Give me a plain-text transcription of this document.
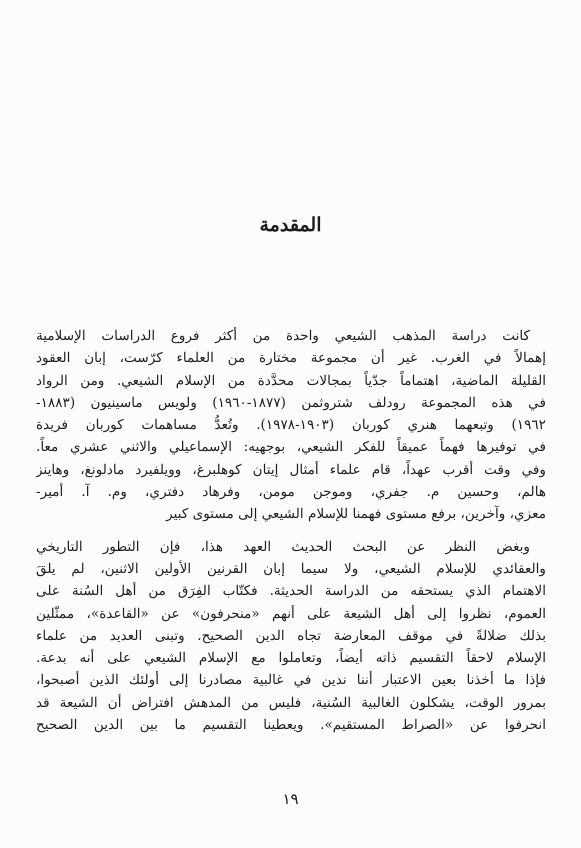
المقدمة
كانت دراسة المذهب الشيعي واحدة من أكثر فروع الدراسات الإسلامية
إهمالاً في الغرب. غير أن مجموعة مختارة من العلماء كرّست، إبان العقود
القليلة الماضية، اهتماماً جدّياً بمجالات محدَّدة من الإسلام الشيعي. ومن الرواد
في هذه المجموعة رودلف شتروثمن (١٨٧٧-١٩٦٠) ولويس ماسينيون (١٨٨٣-
١٩٦٢) وتبعهما هنري كوربان (١٩٠٣-١٩٧٨). وتُعدُّ مساهمات كوربان فريدة
في توفيرها فهماً عميقاً للفكر الشيعي، بوجهيه: الإسماعيلي والاثني عشري معاً.
وفي وقت أقرب عهداً، قام علماء أمثال إيتان كوهلبرغ، وويلفيرد مادلونغ، وهاينز
هالم، وحسين م. جفري، وموجن مومن، وفرهاد دفتري، وم. آ. أمير-
معزي، وآخرين، برفع مستوى فهمنا للإسلام الشيعي إلى مستوى كبير
وبغض النظر عن البحث الحديث العهد هذا، فإن التطور التاريخي
والعقائدي للإسلام الشيعي، ولا سيما إبان القرنين الأولين الاثنين، لم يلقَ
الاهتمام الذي يستحقه من الدراسة الحديثة. فكتّاب الفِرَق من أهل السُنة على
العموم، نظروا إلى أهل الشيعة على أنهم «منحرفون» عن «القاعدة»، ممثّلين
بذلك ضلالةً في موقف المعارضة تجاه الدين الصحيح. وتبنى العديد من علماء
الإسلام لاحقاً التقسيم ذاته أيضاً، وتعاملوا مع الإسلام الشيعي على أنه بدعة.
فإذا ما أخذنا بعين الاعتبار أننا ندين في غالبية مصادرنا إلى أولئك الذين أصبحوا،
بمرور الوقت، يشكلون الغالبية السُنية، فليس من المدهش افتراض أن الشيعة قد
انحرفوا عن «الصراط المستقيم». ويعطينا التقسيم ما بين الدين الصحيح
١٩
